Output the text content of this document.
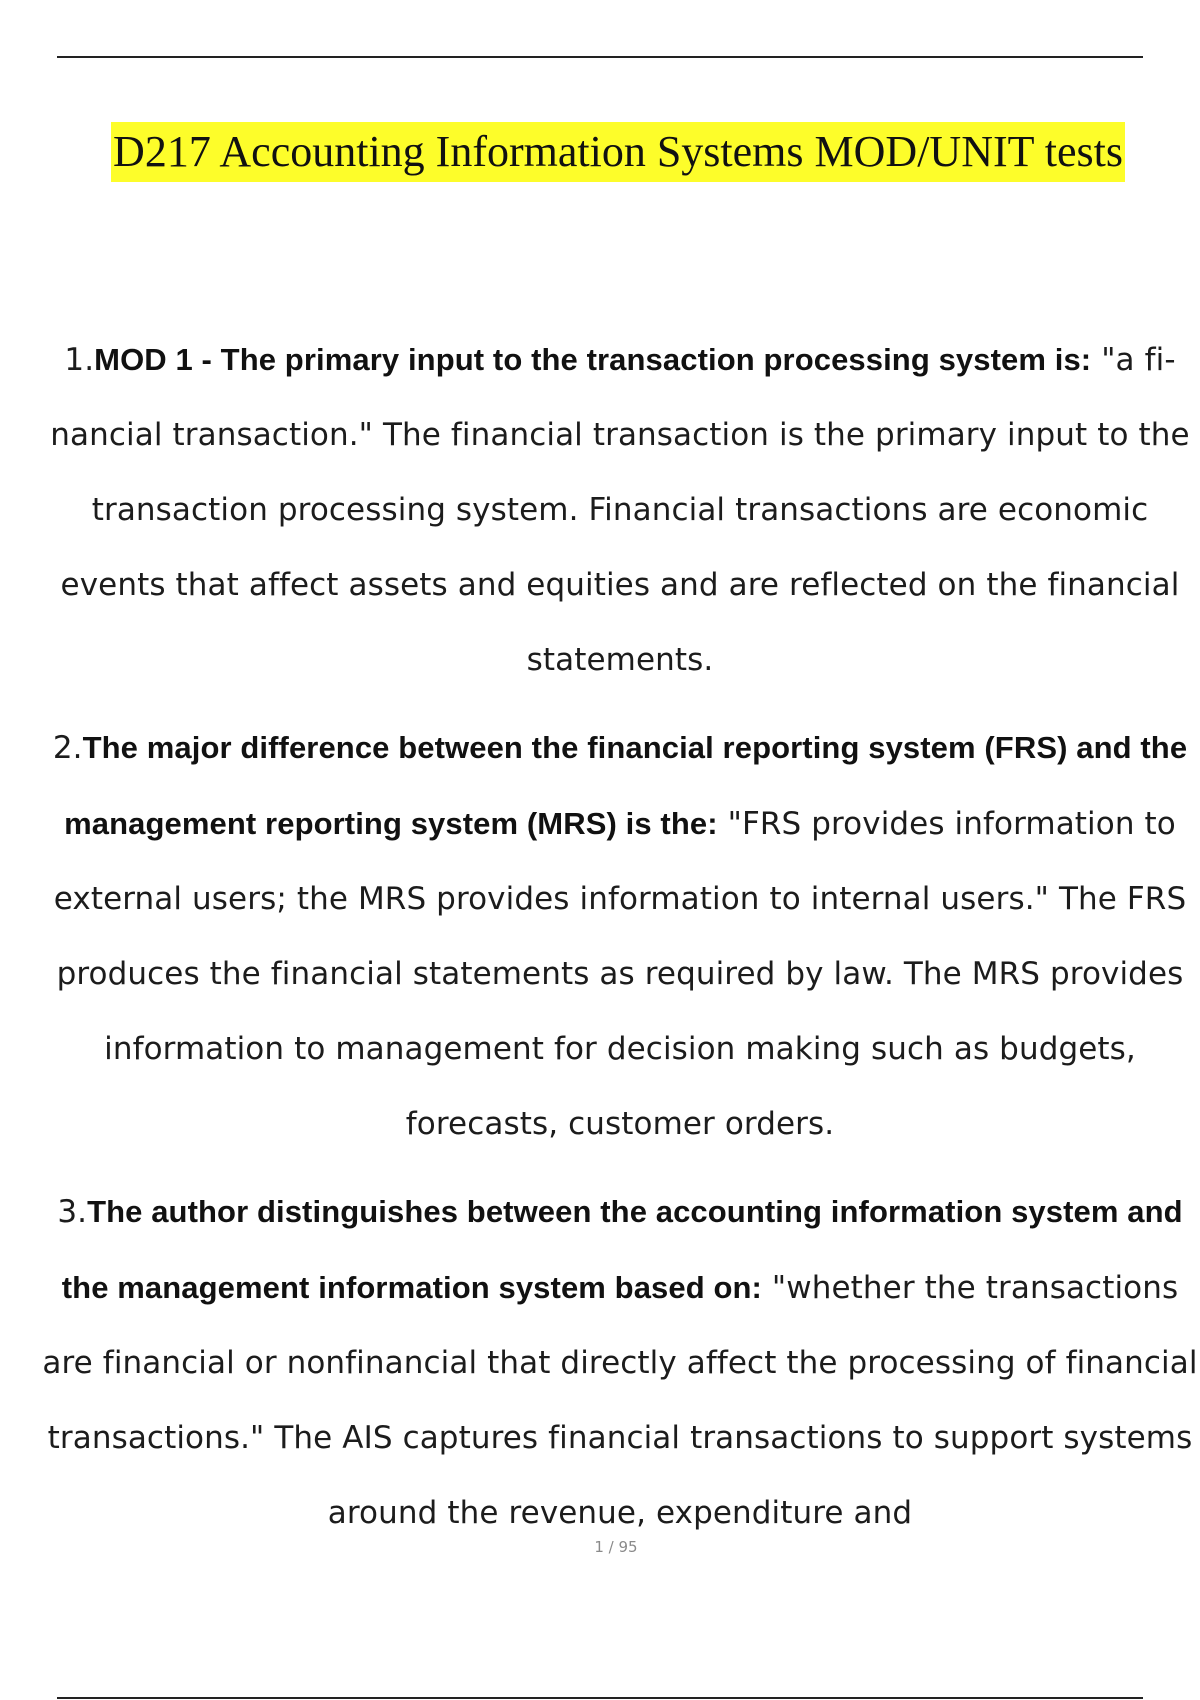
D217 Accounting Information Systems MOD/UNIT tests
1.MOD 1 - The primary input to the transaction processing system is: "a fi-nancial transaction." The financial transaction is the primary input to the transaction processing system. Financial transactions are economic events that affect assets and equities and are reflected on the financial statements.
2.The major difference between the financial reporting system (FRS) and the management reporting system (MRS) is the: "FRS provides information to external users; the MRS provides information to internal users." The FRS produces the financial statements as required by law. The MRS provides information to management for decision making such as budgets, forecasts, customer orders.
3.The author distinguishes between the accounting information system and the management information system based on: "whether the transactions are financial or nonfinancial that directly affect the processing of financial transactions." The AIS captures financial transactions to support systems around the revenue, expenditure and
1 / 95
